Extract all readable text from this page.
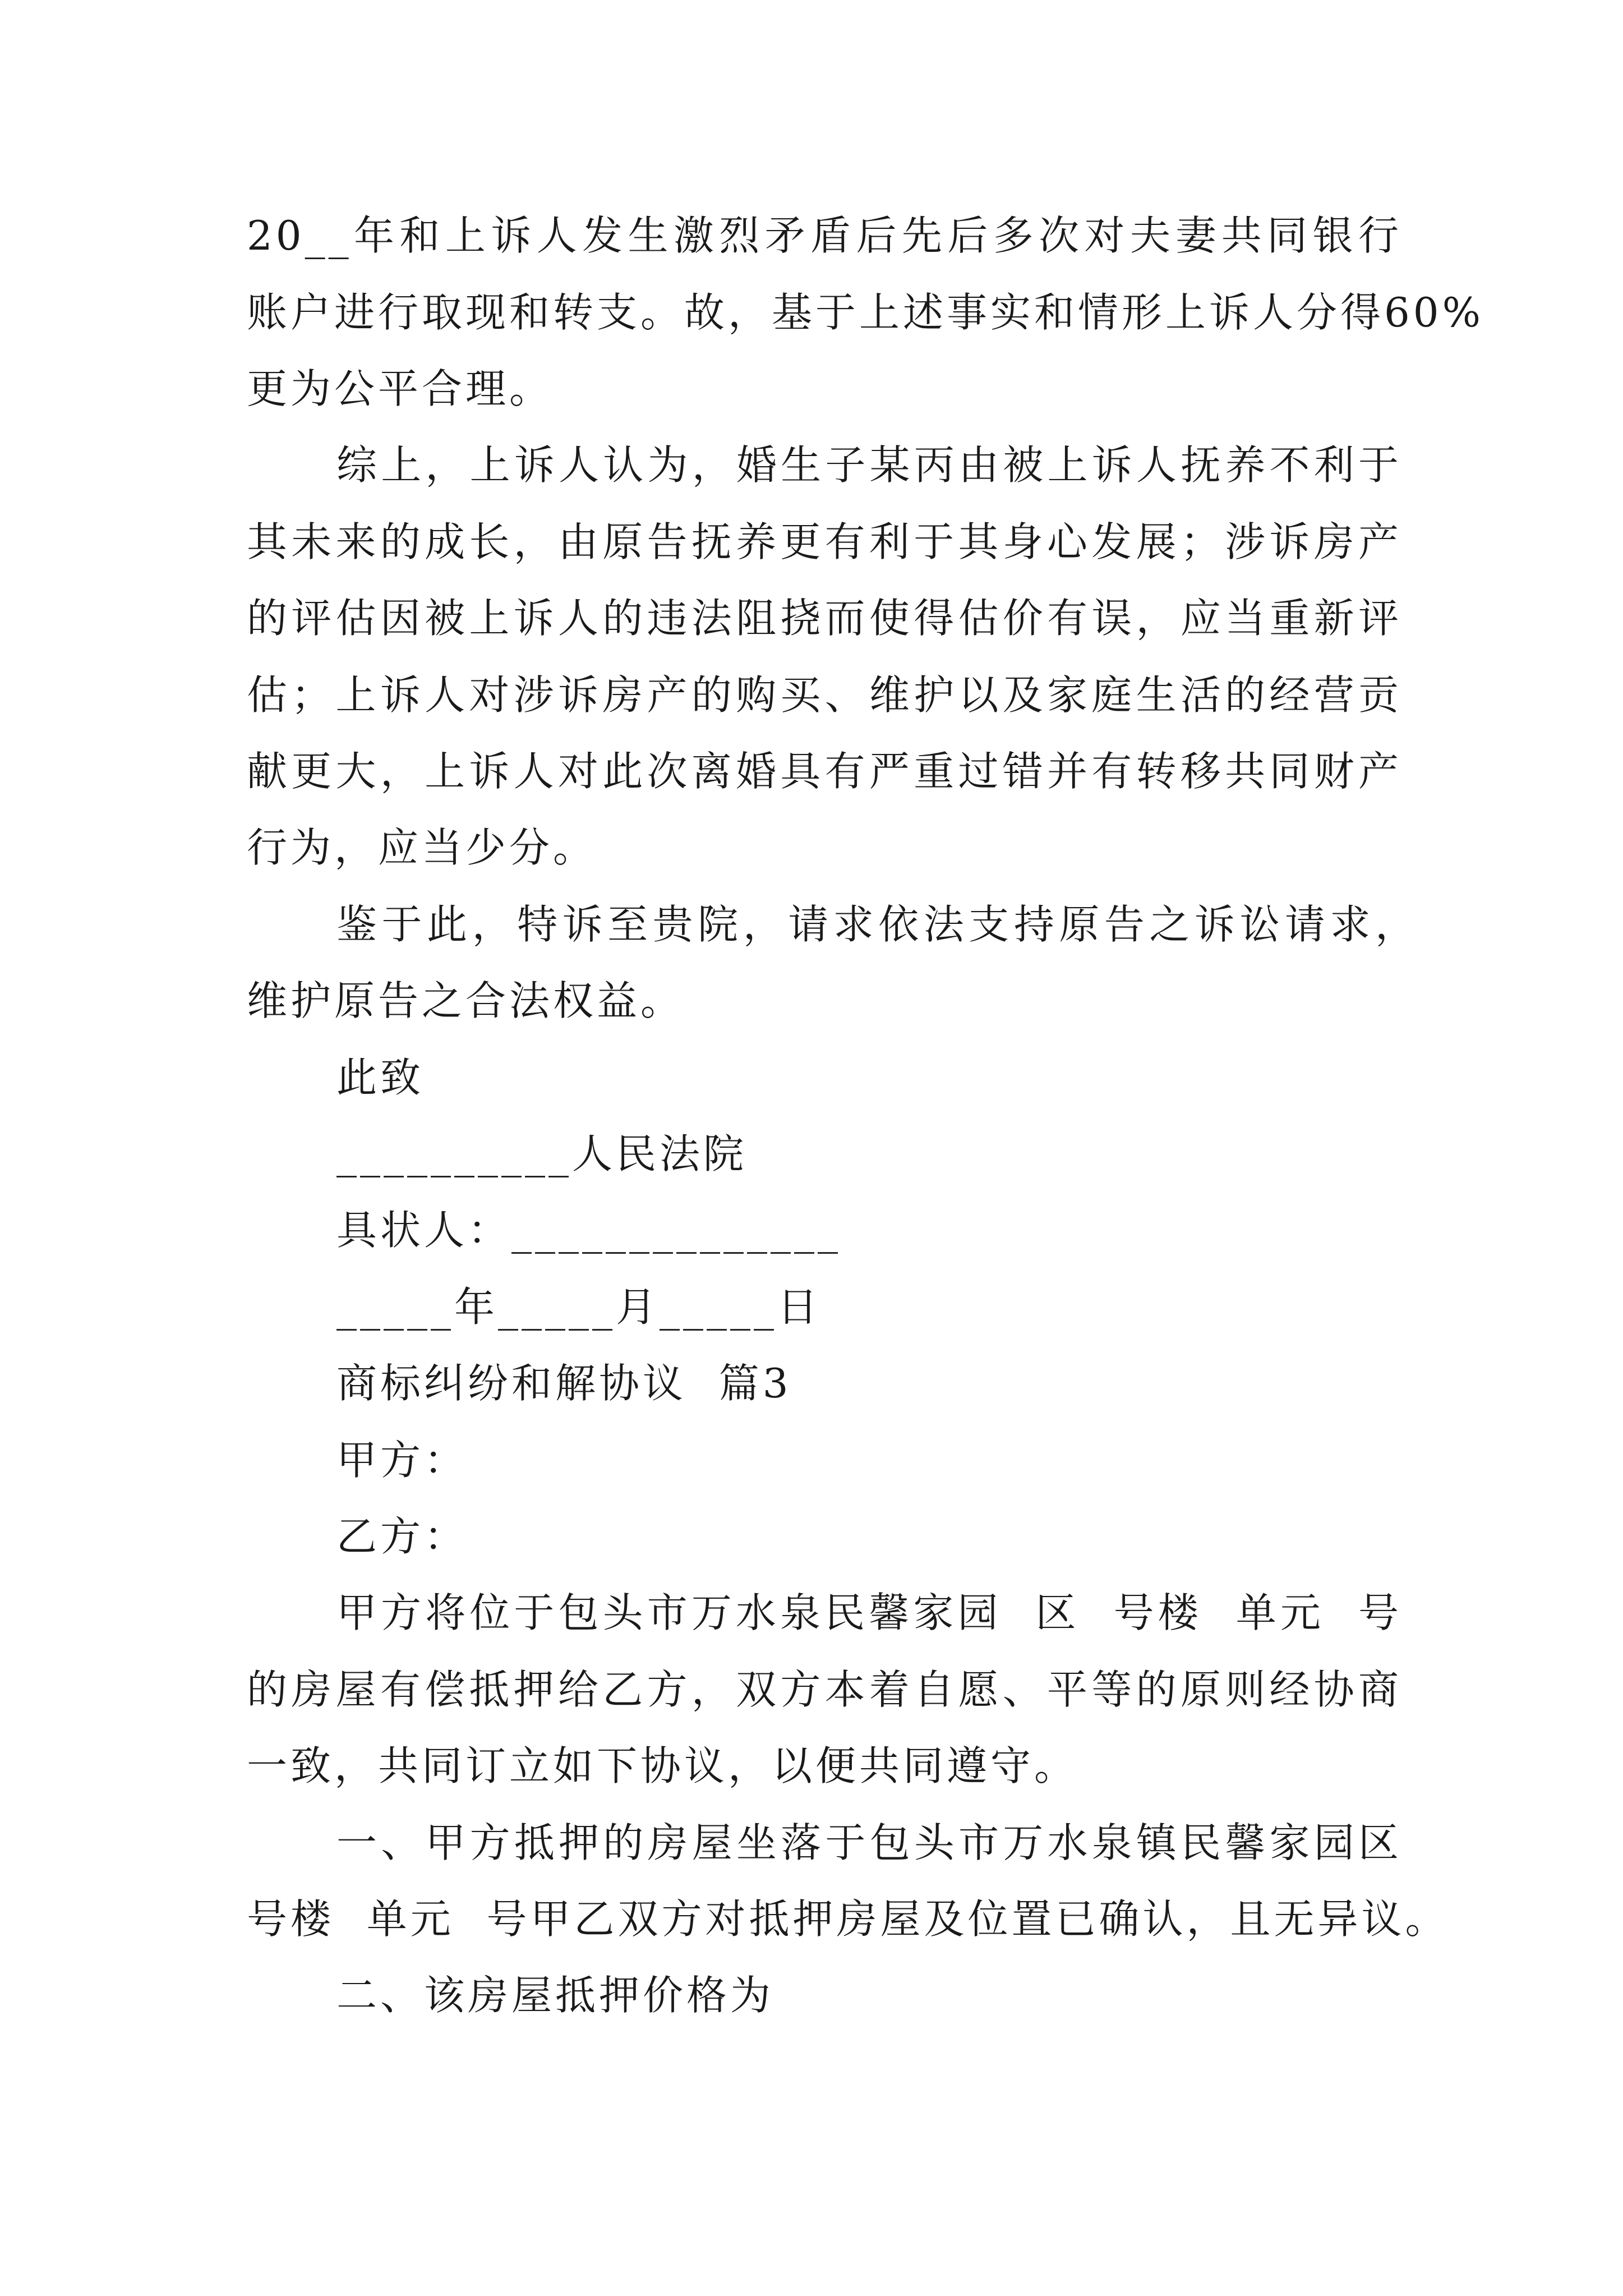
20__年和上诉人发生激烈矛盾后先后多次对夫妻共同银行
账户进行取现和转支。故，基于上述事实和情形上诉人分得60%
更为公平合理。
综上，上诉人认为，婚生子某丙由被上诉人抚养不利于
其未来的成长，由原告抚养更有利于其身心发展；涉诉房产
的评估因被上诉人的违法阻挠而使得估价有误，应当重新评
估；上诉人对涉诉房产的购买、维护以及家庭生活的经营贡
献更大，上诉人对此次离婚具有严重过错并有转移共同财产
行为，应当少分。
鉴于此，特诉至贵院，请求依法支持原告之诉讼请求，
维护原告之合法权益。
此致
__________人民法院
具状人：______________
_____年_____月_____日
商标纠纷和解协议  篇3
甲方：
乙方：
甲方将位于包头市万水泉民馨家园  区  号楼  单元  号
的房屋有偿抵押给乙方，双方本着自愿、平等的原则经协商
一致，共同订立如下协议，以便共同遵守。
一、甲方抵押的房屋坐落于包头市万水泉镇民馨家园区
号楼  单元  号甲乙双方对抵押房屋及位置已确认，且无异议。
二、该房屋抵押价格为
